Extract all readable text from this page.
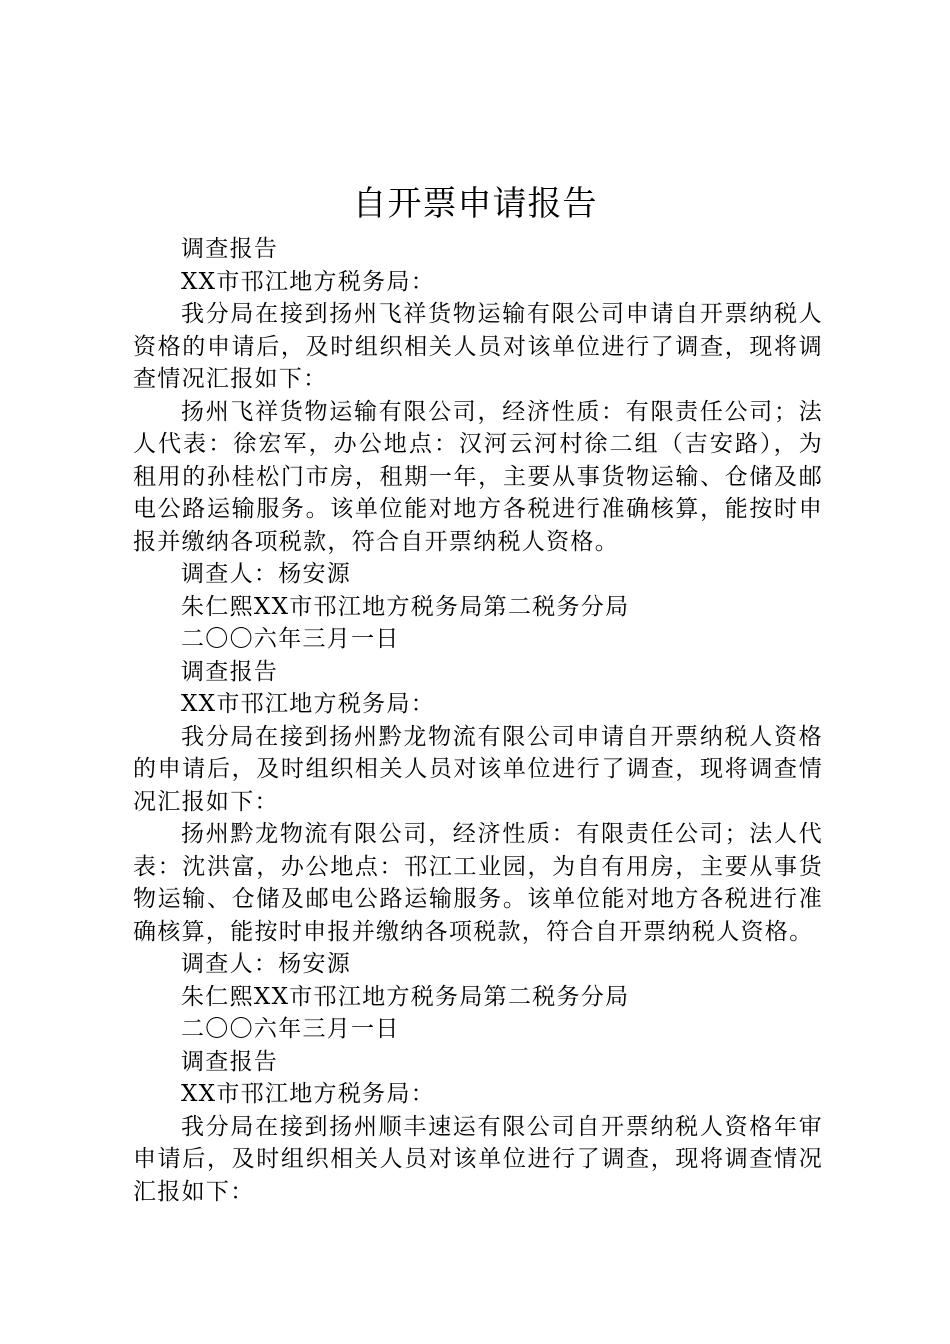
自开票申请报告

调查报告

XX市邗江地方税务局：

我分局在接到扬州飞祥货物运输有限公司申请自开票纳税人资格的申请后，及时组织相关人员对该单位进行了调查，现将调查情况汇报如下：

扬州飞祥货物运输有限公司，经济性质：有限责任公司；法人代表：徐宏军，办公地点：汉河云河村徐二组（吉安路），为租用的孙桂松门市房，租期一年，主要从事货物运输、仓储及邮电公路运输服务。该单位能对地方各税进行准确核算，能按时申报并缴纳各项税款，符合自开票纳税人资格。

调查人：杨安源

朱仁熙XX市邗江地方税务局第二税务分局

二〇〇六年三月一日

调查报告

XX市邗江地方税务局：

我分局在接到扬州黔龙物流有限公司申请自开票纳税人资格的申请后，及时组织相关人员对该单位进行了调查，现将调查情况汇报如下：

扬州黔龙物流有限公司，经济性质：有限责任公司；法人代表：沈洪富，办公地点：邗江工业园，为自有用房，主要从事货物运输、仓储及邮电公路运输服务。该单位能对地方各税进行准确核算，能按时申报并缴纳各项税款，符合自开票纳税人资格。

调查人：杨安源

朱仁熙XX市邗江地方税务局第二税务分局

二〇〇六年三月一日

调查报告

XX市邗江地方税务局：

我分局在接到扬州顺丰速运有限公司自开票纳税人资格年审申请后，及时组织相关人员对该单位进行了调查，现将调查情况汇报如下：
